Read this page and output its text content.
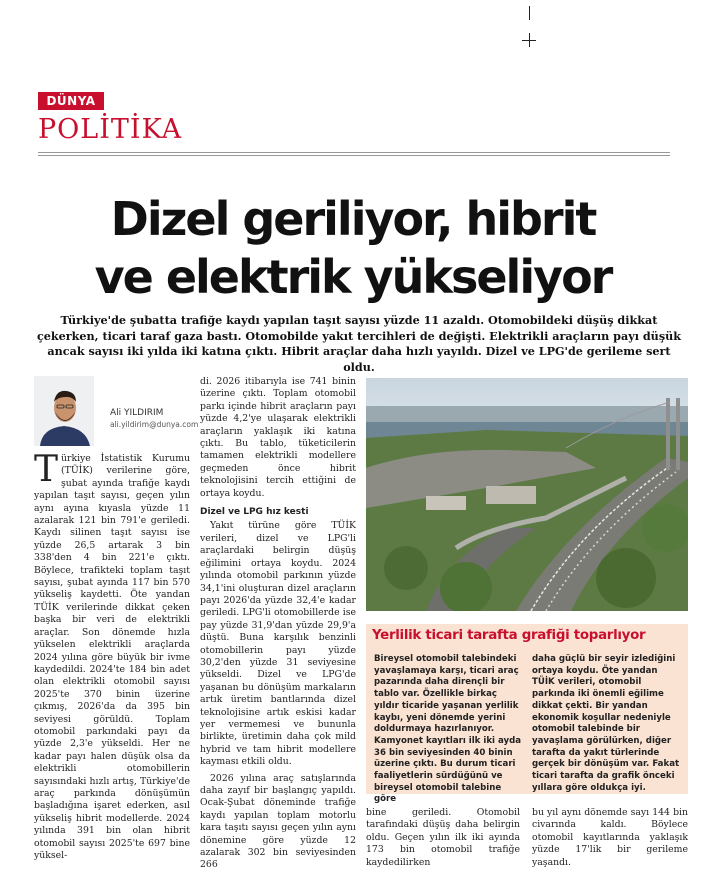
DÜNYA
POLİTİKA
Dizel geriliyor, hibrit
ve elektrik yükseliyor
Türkiye'de şubatta trafiğe kaydı yapılan taşıt sayısı yüzde 11 azaldı. Otomobildeki düşüş dikkat
çekerken, ticari taraf gaza bastı. Otomobilde yakıt tercihleri de değişti. Elektrikli araçların payı düşük
ancak sayısı iki yılda iki katına çıktı. Hibrit araçlar daha hızlı yayıldı. Dizel ve LPG'de gerileme sert oldu.
Ali YILDIRIM
ali.yildirim@dunya.com

Türkiye İstatistik Kurumu (TÜİK) verilerine göre, şubat ayında trafiğe kaydı yapılan taşıt sayısı, geçen yılın aynı ayına kıyasla yüzde 11 azalarak 121 bin 791'e geriledi. Kaydı silinen taşıt sayısı ise yüzde 26,5 artarak 3 bin 338'den 4 bin 221'e çıktı. Böylece, trafikteki toplam taşıt sayısı, şubat ayında 117 bin 570 yükseliş kaydetti. Öte yandan TÜİK verilerinde dikkat çeken başka bir veri de elektrikli araçlar. Son dönemde hızla yükselen elektrikli araçlarda 2024 yılına göre büyük bir ivme kaydedildi. 2024'te 184 bin adet olan elektrikli otomobil sayısı 2025'te 370 binin üzerine çıkmış, 2026'da da 395 bin seviyesi görüldü. Toplam otomobil parkındaki payı da yüzde 2,3'e yükseldi. Her ne kadar payı halen düşük olsa da elektrikli otomobillerin sayısındaki hızlı artış, Türkiye'de araç parkında dönüşümün başladığına işaret ederken, asıl yükseliş hibrit modellerde. 2024 yılında 391 bin olan hibrit otomobil sayısı 2025'te 697 bine yüksel-

di. 2026 itibarıyla ise 741 binin üzerine çıktı. Toplam otomobil parkı içinde hibrit araçların payı yüzde 4,2'ye ulaşarak elektrikli araçların yaklaşık iki katına çıktı. Bu tablo, tüketicilerin tamamen elektrikli modellere geçmeden önce hibrit teknolojisini tercih ettiğini de ortaya koydu.

Dizel ve LPG hız kesti

Yakıt türüne göre TÜİK verileri, dizel ve LPG'li araçlardaki belirgin düşüş eğilimini ortaya koydu. 2024 yılında otomobil parkının yüzde 34,1'ini oluşturan dizel araçların payı 2026'da yüzde 32,4'e kadar geriledi. LPG'li otomobillerde ise pay yüzde 31,9'dan yüzde 29,9'a düştü. Buna karşılık benzinli otomobillerin payı yüzde 30,2'den yüzde 31 seviyesine yükseldi. Dizel ve LPG'de yaşanan bu dönüşüm markaların artık üretim bantlarında dizel teknolojisine artık eskisi kadar yer vermemesi ve bununla birlikte, üretimin daha çok mild hybrid ve tam hibrit modellere kayması etkili oldu.

2026 yılına araç satışlarında daha zayıf bir başlangıç yapıldı. Ocak-Şubat döneminde trafiğe kaydı yapılan toplam motorlu kara taşıtı sayısı geçen yılın aynı dönemine göre yüzde 12 azalarak 302 bin seviyesinden 266

Yerlilik ticari tarafta grafiği toparlıyor

Bireysel otomobil talebindeki yavaşlamaya karşı, ticari araç pazarında daha dirençli bir tablo var. Özellikle birkaç yıldır ticaride yaşanan yerlilik kaybı, yeni dönemde yerini doldurmaya hazırlanıyor. Kamyonet kayıtları ilk iki ayda 36 bin seviyesinden 40 binin üzerine çıktı. Bu durum ticari faaliyetlerin sürdüğünü ve bireysel otomobil talebine göre

daha güçlü bir seyir izlediğini ortaya koydu. Öte yandan TÜİK verileri, otomobil parkında iki önemli eğilime dikkat çekti. Bir yandan ekonomik koşullar nedeniyle otomobil talebinde bir yavaşlama görülürken, diğer tarafta da yakıt türlerinde gerçek bir dönüşüm var. Fakat ticari tarafta da grafik önceki yıllara göre oldukça iyi.

bine geriledi. Otomobil tarafındaki düşüş daha belirgin oldu. Geçen yılın ilk iki ayında 173 bin otomobil trafiğe kaydedilirken

bu yıl aynı dönemde sayı 144 bin civarında kaldı. Böylece otomobil kayıtlarında yaklaşık yüzde 17'lik bir gerileme yaşandı.
